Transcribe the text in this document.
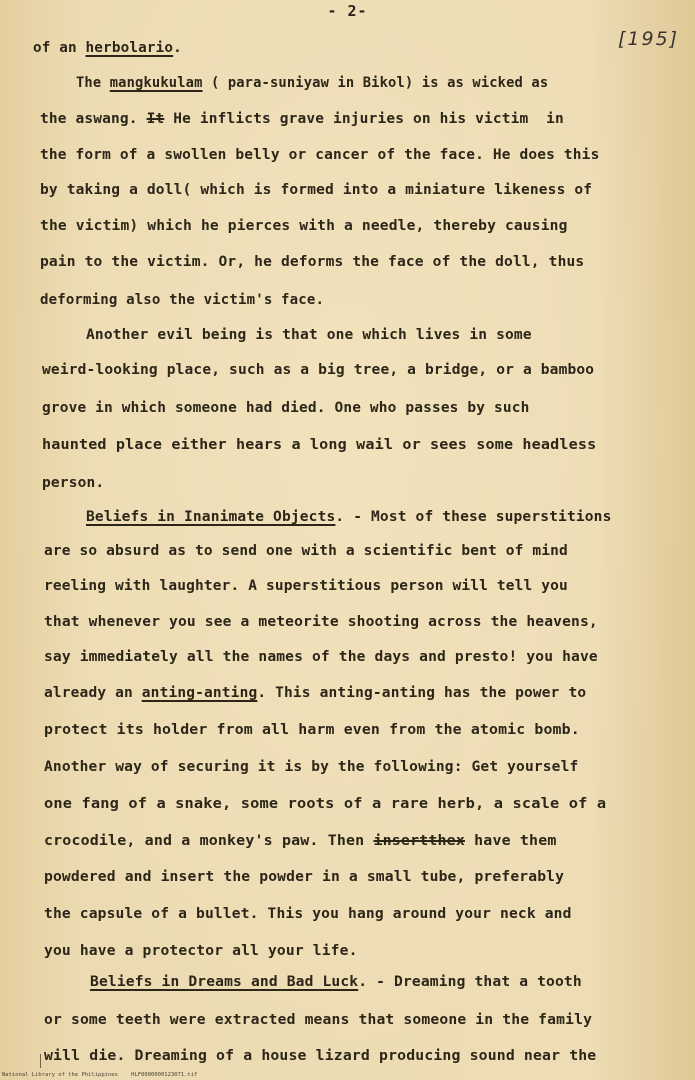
- 2-
[195]
of an herbolario.
The mangkukulam ( para-suniyaw in Bikol) is as wicked as
the aswang. It He inflicts grave injuries on his victim  in
the form of a swollen belly or cancer of the face. He does this
by taking a doll( which is formed into a miniature likeness of
the victim) which he pierces with a needle, thereby causing
pain to the victim. Or, he deforms the face of the doll, thus
deforming also the victim's face.
Another evil being is that one which lives in some
weird-looking place, such as a big tree, a bridge, or a bamboo
grove in which someone had died. One who passes by such
haunted place either hears a long wail or sees some headless
person.
Beliefs in Inanimate Objects. - Most of these superstitions
are so absurd as to send one with a scientific bent of mind
reeling with laughter. A superstitious person will tell you
that whenever you see a meteorite shooting across the heavens,
say immediately all the names of the days and presto! you have
already an anting-anting. This anting-anting has the power to
protect its holder from all harm even from the atomic bomb.
Another way of securing it is by the following: Get yourself
one fang of a snake, some roots of a rare herb, a scale of a
crocodile, and a monkey's paw. Then insertthex have them
powdered and insert the powder in a small tube, preferably
the capsule of a bullet. This you hang around your neck and
you have a protector all your life.
Beliefs in Dreams and Bad Luck. - Dreaming that a tooth
or some teeth were extracted means that someone in the family
will die. Dreaming of a house lizard producing sound near the
National Library of the Philippines    HLF0000000123071.tif
